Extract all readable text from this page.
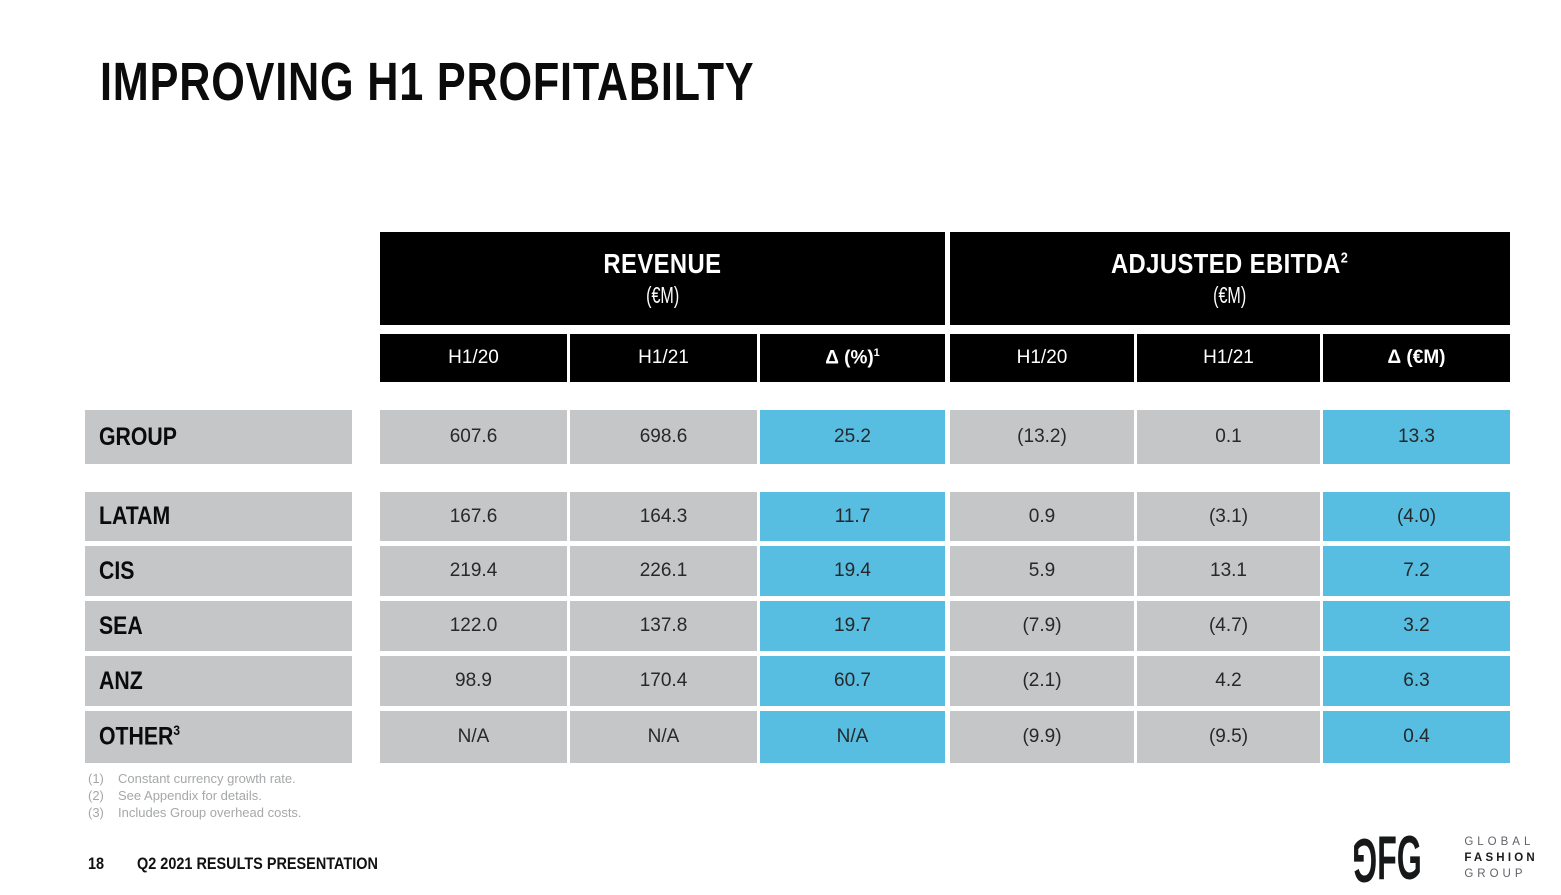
IMPROVING H1 PROFITABILTY
REVENUE
(€M)
ADJUSTED EBITDA$^2$
(€M)
H1/20	H1/21	Δ (%)$^1$	H1/20	H1/21	Δ (€M)
GROUP	607.6	698.6	25.2	(13.2)	0.1	13.3
LATAM	167.6	164.3	11.7	0.9	(3.1)	(4.0)
CIS	219.4	226.1	19.4	5.9	13.1	7.2
SEA	122.0	137.8	19.7	(7.9)	(4.7)	3.2
ANZ	98.9	170.4	60.7	(2.1)	4.2	6.3
OTHER$^3$	N/A	N/A	N/A	(9.9)	(9.5)	0.4
(1)	Constant currency growth rate.
(2)	See Appendix for details.
(3)	Includes Group overhead costs.
18 Q2 2021 RESULTS PRESENTATION	GFG	GLOBAL
FASHION
GROUP
